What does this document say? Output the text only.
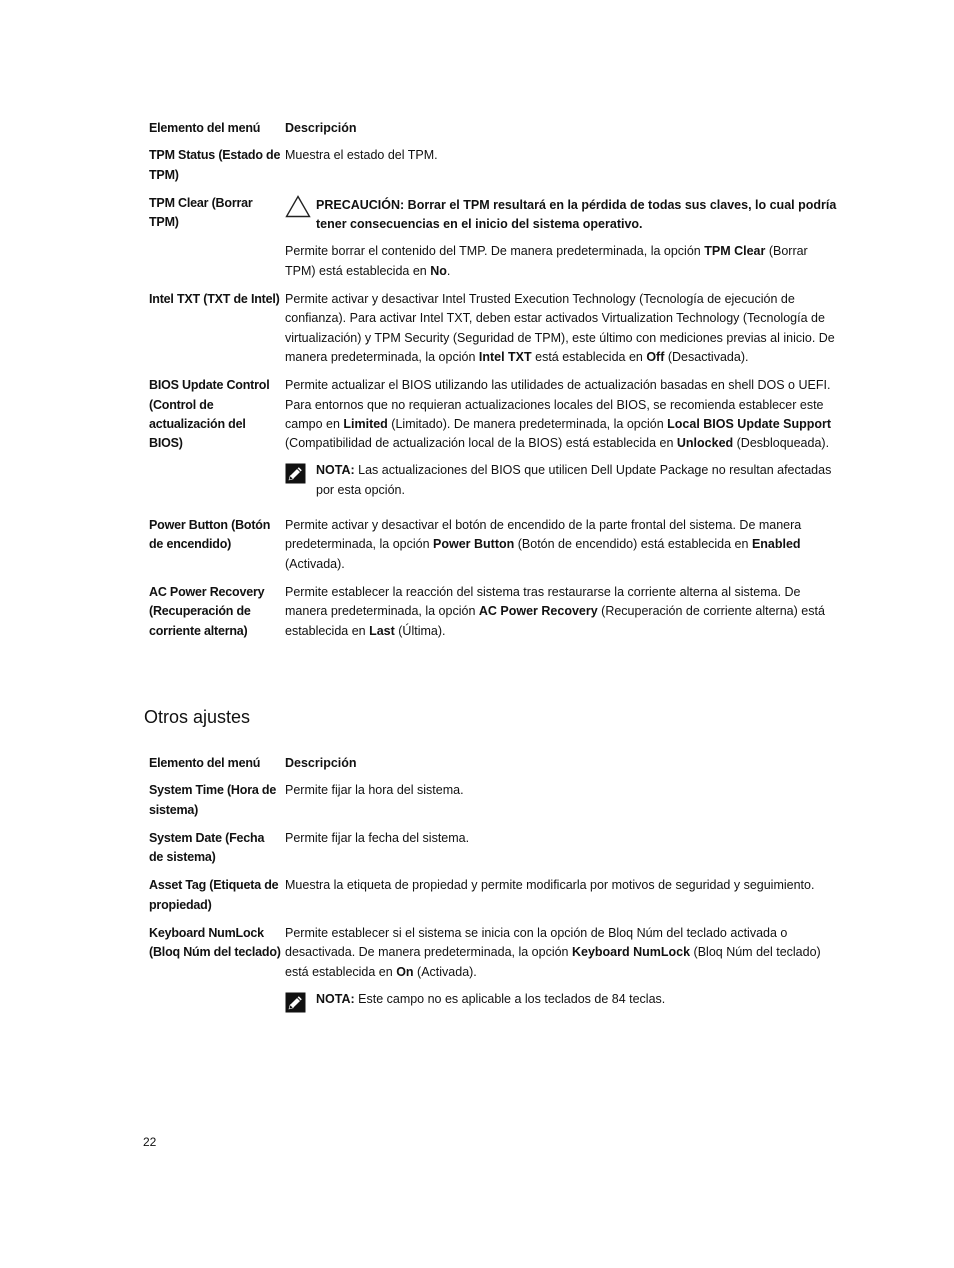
Elemento del menú	Descripción
TPM Status (Estado de TPM)
Muestra el estado del TPM.
TPM Clear (Borrar TPM)
PRECAUCIÓN: Borrar el TPM resultará en la pérdida de todas sus claves, lo cual podría tener consecuencias en el inicio del sistema operativo.
Permite borrar el contenido del TMP. De manera predeterminada, la opción TPM Clear (Borrar TPM) está establecida en No.
Intel TXT (TXT de Intel) Permite activar y desactivar Intel Trusted Execution Technology (Tecnología de ejecución de confianza). Para activar Intel TXT, deben estar activados Virtualization Technology (Tecnología de virtualización) y TPM Security (Seguridad de TPM), este último con mediciones previas al inicio. De manera predeterminada, la opción Intel TXT está establecida en Off (Desactivada).
BIOS Update Control (Control de actualización del BIOS)
Permite actualizar el BIOS utilizando las utilidades de actualización basadas en shell DOS o UEFI. Para entornos que no requieran actualizaciones locales del BIOS, se recomienda establecer este campo en Limited (Limitado). De manera predeterminada, la opción Local BIOS Update Support (Compatibilidad de actualización local de la BIOS) está establecida en Unlocked (Desbloqueada).
NOTA: Las actualizaciones del BIOS que utilicen Dell Update Package no resultan afectadas por esta opción.
Power Button (Botón de encendido)
Permite activar y desactivar el botón de encendido de la parte frontal del sistema. De manera predeterminada, la opción Power Button (Botón de encendido) está establecida en Enabled (Activada).
AC Power Recovery (Recuperación de corriente alterna)
Permite establecer la reacción del sistema tras restaurarse la corriente alterna al sistema. De manera predeterminada, la opción AC Power Recovery (Recuperación de corriente alterna) está establecida en Last (Última).
Otros ajustes
Elemento del menú	Descripción
System Time (Hora de sistema)
Permite fijar la hora del sistema.
System Date (Fecha de sistema)
Permite fijar la fecha del sistema.
Asset Tag (Etiqueta de propiedad)
Muestra la etiqueta de propiedad y permite modificarla por motivos de seguridad y seguimiento.
Keyboard NumLock (Bloq Núm del teclado)
Permite establecer si el sistema se inicia con la opción de Bloq Núm del teclado activada o desactivada. De manera predeterminada, la opción Keyboard NumLock (Bloq Núm del teclado) está establecida en On (Activada).
NOTA: Este campo no es aplicable a los teclados de 84 teclas.
22
